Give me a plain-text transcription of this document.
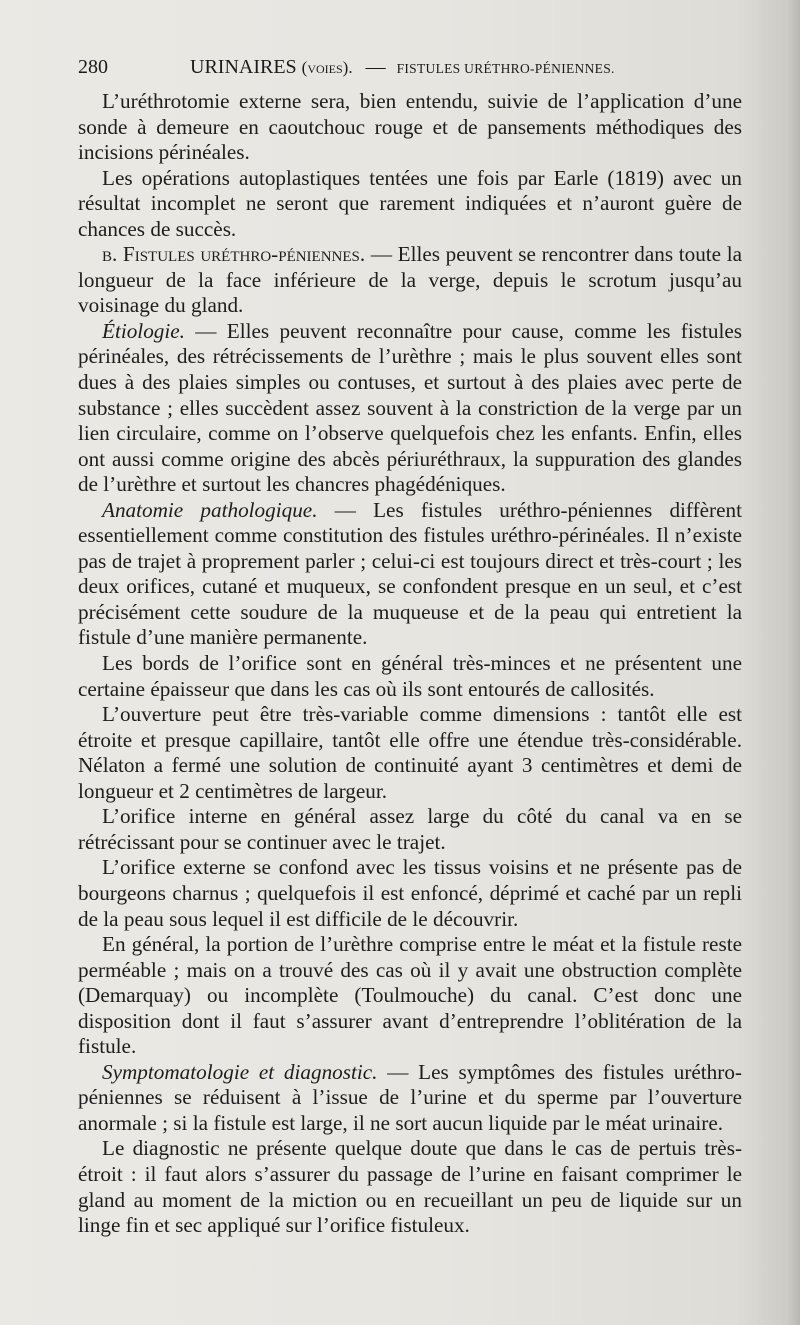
280	URINAIRES (voies). — FISTULES URÉTHRO-PÉNIENNES.

L’uréthrotomie externe sera, bien entendu, suivie de l’application d’une sonde à demeure en caoutchouc rouge et de pansements méthodiques des incisions périnéales.

Les opérations autoplastiques tentées une fois par Earle (1819) avec un résultat incomplet ne seront que rarement indiquées et n’auront guère de chances de succès.

b. Fistules uréthro-péniennes. — Elles peuvent se rencontrer dans toute la longueur de la face inférieure de la verge, depuis le scrotum jusqu’au voisinage du gland.

Étiologie. — Elles peuvent reconnaître pour cause, comme les fistules périnéales, des rétrécissements de l’urèthre ; mais le plus souvent elles sont dues à des plaies simples ou contuses, et surtout à des plaies avec perte de substance ; elles succèdent assez souvent à la constriction de la verge par un lien circulaire, comme on l’observe quelquefois chez les enfants. Enfin, elles ont aussi comme origine des abcès périuréthraux, la suppuration des glandes de l’urèthre et surtout les chancres phagédéniques.

Anatomie pathologique. — Les fistules uréthro-péniennes diffèrent essentiellement comme constitution des fistules uréthro-périnéales. Il n’existe pas de trajet à proprement parler ; celui-ci est toujours direct et très-court ; les deux orifices, cutané et muqueux, se confondent presque en un seul, et c’est précisément cette soudure de la muqueuse et de la peau qui entretient la fistule d’une manière permanente.

Les bords de l’orifice sont en général très-minces et ne présentent une certaine épaisseur que dans les cas où ils sont entourés de callosités.

L’ouverture peut être très-variable comme dimensions : tantôt elle est étroite et presque capillaire, tantôt elle offre une étendue très-considérable. Nélaton a fermé une solution de continuité ayant 3 centimètres et demi de longueur et 2 centimètres de largeur.

L’orifice interne en général assez large du côté du canal va en se rétrécissant pour se continuer avec le trajet.

L’orifice externe se confond avec les tissus voisins et ne présente pas de bourgeons charnus ; quelquefois il est enfoncé, déprimé et caché par un repli de la peau sous lequel il est difficile de le découvrir.

En général, la portion de l’urèthre comprise entre le méat et la fistule reste perméable ; mais on a trouvé des cas où il y avait une obstruction complète (Demarquay) ou incomplète (Toulmouche) du canal. C’est donc une disposition dont il faut s’assurer avant d’entreprendre l’oblitération de la fistule.

Symptomatologie et diagnostic. — Les symptômes des fistules uréthro-péniennes se réduisent à l’issue de l’urine et du sperme par l’ouverture anormale ; si la fistule est large, il ne sort aucun liquide par le méat urinaire.

Le diagnostic ne présente quelque doute que dans le cas de pertuis très-étroit : il faut alors s’assurer du passage de l’urine en faisant comprimer le gland au moment de la miction ou en recueillant un peu de liquide sur un linge fin et sec appliqué sur l’orifice fistuleux.
